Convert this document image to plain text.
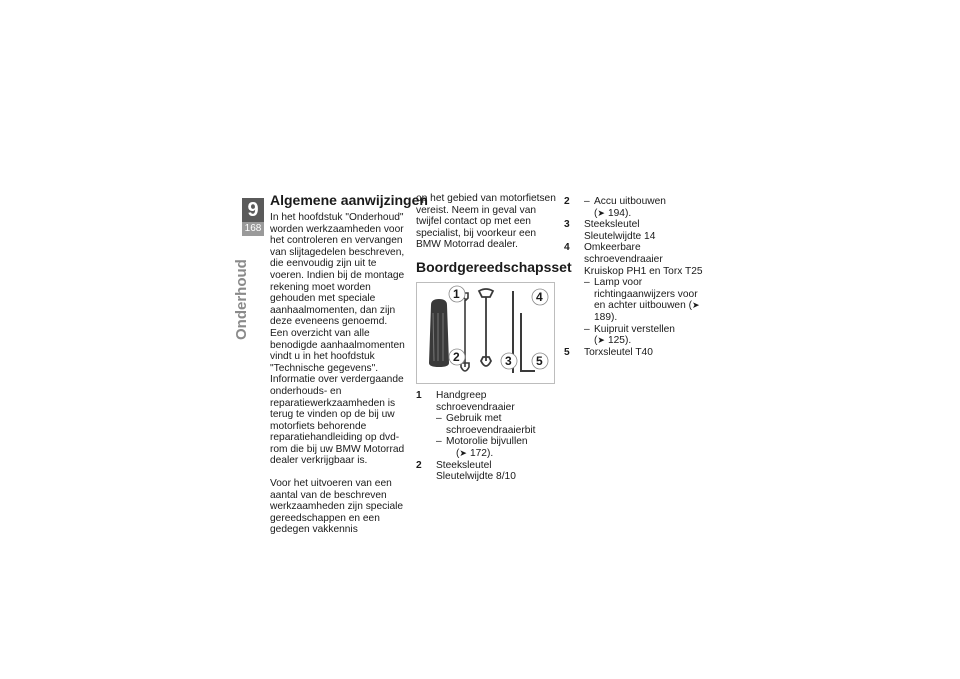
9
168
Onderhoud
Algemene aanwijzingen

In het hoofdstuk "Onderhoud" worden werkzaamheden voor het controleren en vervangen van slijtagedelen beschreven, die eenvoudig zijn uit te voeren. Indien bij de montage rekening moet worden gehouden met speciale aanhaalmomenten, dan zijn deze eveneens genoemd. Een overzicht van alle benodigde aanhaalmomenten vindt u in het hoofdstuk "Technische gegevens". Informatie over verdergaande onderhouds- en reparatiewerkzaamheden is terug te vinden op de bij uw motorfiets behorende reparatiehandleiding op dvd-rom die bij uw BMW Motorrad dealer verkrijgbaar is.

Voor het uitvoeren van een aantal van de beschreven werkzaamheden zijn speciale gereedschappen en een gedegen vakkennis

op het gebied van motorfietsen vereist. Neem in geval van twijfel contact op met een specialist, bij voorkeur een BMW Motorrad dealer.

Boordgereedschapsset
1
2	3
4
5
1	Handgreep schroevendraaier
– Gebruik met schroevendraaierbit
– Motorolie bijvullen
(➤ 172).
2	Steeksleutel
Sleutelwijdte 8/10
2	– Accu uitbouwen
(➤ 194).
3	Steeksleutel
Sleutelwijdte 14
4	Omkeerbare schroevendraaier
Kruiskop PH1 en Torx T25
– Lamp voor richtingaanwijzers voor en achter uitbouwen (➤189).
– Kuipruit verstellen
(➤ 125).
5	Torxsleutel T40
